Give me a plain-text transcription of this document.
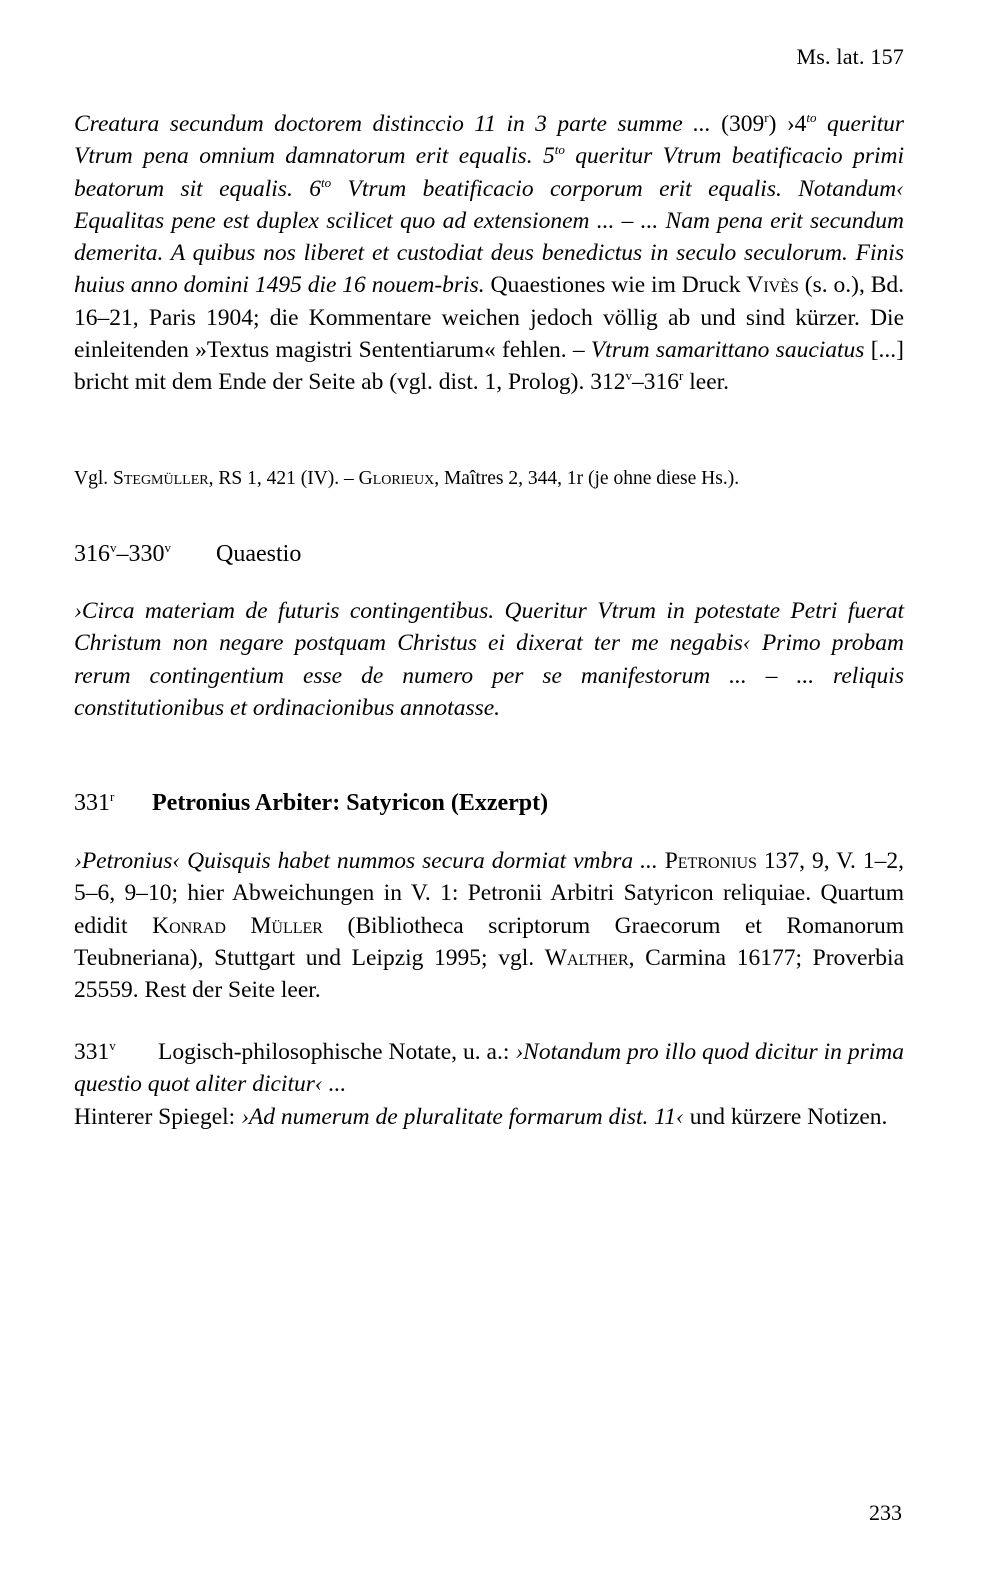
Ms. lat. 157

Creatura secundum doctorem distinccio 11 in 3 parte summe ... (309$^r$) $›4^{to}$ queritur Vtrum pena omnium damnatorum erit equalis. $5^{to}$ queritur Vtrum beatificacio primi beatorum sit equalis. $6^{to}$ Vtrum beatificacio corporum erit equalis. Notandum‹ Equalitas pene est duplex scilicet quo ad extensionem ... – ... Nam pena erit secundum demerita. A quibus nos liberet et custodiat deus benedictus in seculo seculorum. Finis huius anno domini 1495 die 16 nouem-bris. Quaestiones wie im Druck Vivès (s. o.), Bd. 16–21, Paris 1904; die Kommentare weichen jedoch völlig ab und sind kürzer. Die einleitenden »Textus magistri Sententiarum« fehlen. – Vtrum samarittano sauciatus [...] bricht mit dem Ende der Seite ab (vgl. dist. 1, Prolog). 312$^v$–316$^r$ leer.

Vgl. Stegmüller, RS 1, 421 (IV). – Glorieux, Maîtres 2, 344, 1r (je ohne diese Hs.).
316$^v$–330$^v$ Quaestio

›Circa materiam de futuris contingentibus. Queritur Vtrum in potestate Petri fuerat Christum non negare postquam Christus ei dixerat ter me negabis‹ Primo probam rerum contingentium esse de numero per se manifestorum ... – ... reliquis constitutionibus et ordinacionibus annotasse.

331$^r$ Petronius Arbiter: Satyricon (Exzerpt)

›Petronius‹ Quisquis habet nummos secura dormiat vmbra ... Petronius 137, 9, V. 1–2, 5–6, 9–10; hier Abweichungen in V. 1: Petronii Arbitri Satyricon reliquiae. Quartum edidit Konrad Müller (Bibliotheca scriptorum Graecorum et Romanorum Teubneriana), Stuttgart und Leipzig 1995; vgl. Walther, Carmina 16177; Proverbia 25559. Rest der Seite leer.

331$^v$ Logisch-philosophische Notate, u. a.: ›Notandum pro illo quod dicitur in prima questio quot aliter dicitur‹ ...

Hinterer Spiegel: ›Ad numerum de pluralitate formarum dist. 11‹ und kürzere Notizen.

233
